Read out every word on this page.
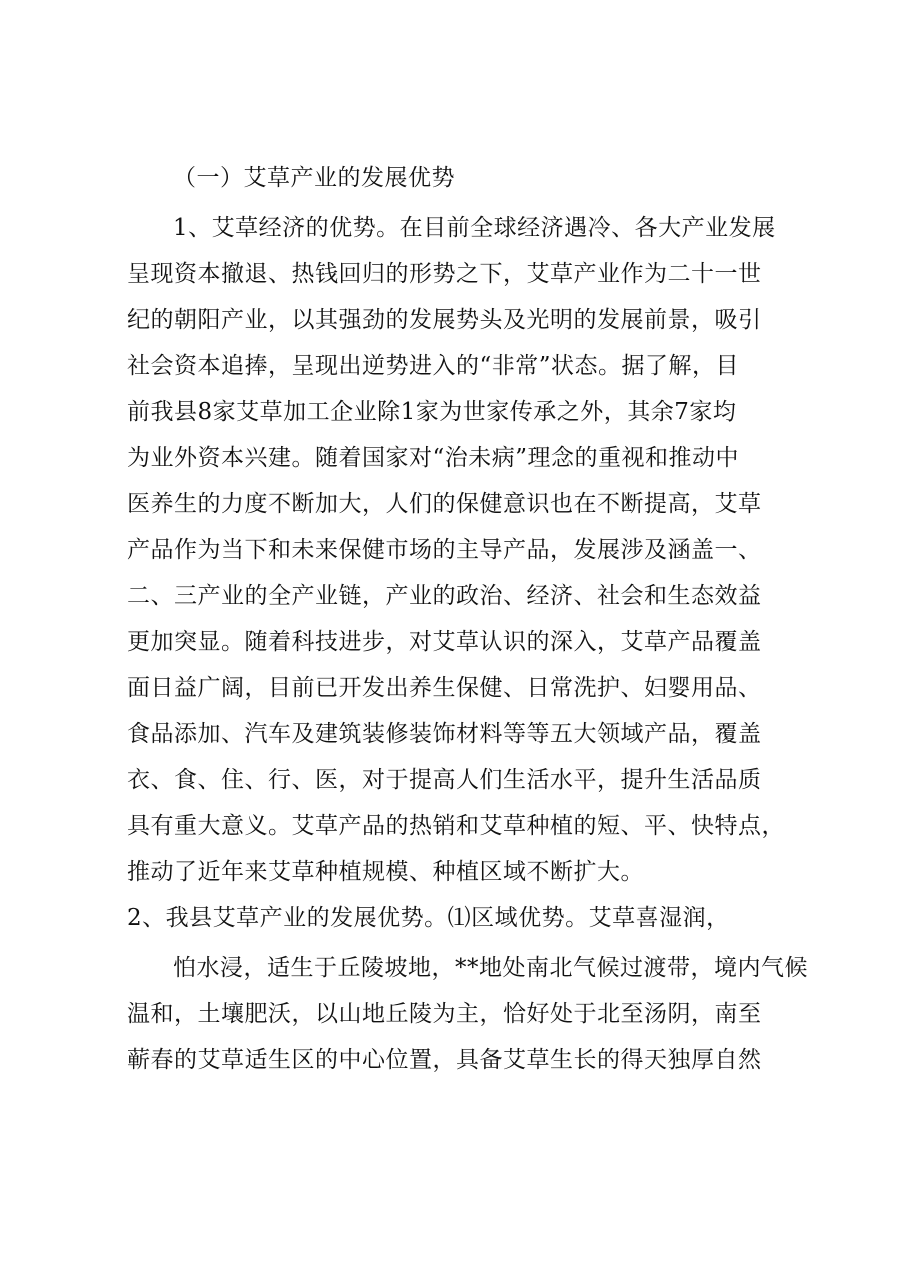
（一）艾草产业的发展优势
1、艾草经济的优势。在目前全球经济遇冷、各大产业发展
呈现资本撤退、热钱回归的形势之下，艾草产业作为二十一世
纪的朝阳产业，以其强劲的发展势头及光明的发展前景，吸引
社会资本追捧，呈现出逆势进入的“非常”状态。据了解，目
前我县8家艾草加工企业除1家为世家传承之外，其余7家均
为业外资本兴建。随着国家对“治未病”理念的重视和推动中
医养生的力度不断加大，人们的保健意识也在不断提高，艾草
产品作为当下和未来保健市场的主导产品，发展涉及涵盖一、
二、三产业的全产业链，产业的政治、经济、社会和生态效益
更加突显。随着科技进步，对艾草认识的深入，艾草产品覆盖
面日益广阔，目前已开发出养生保健、日常洗护、妇婴用品、
食品添加、汽车及建筑装修装饰材料等等五大领域产品，覆盖
衣、食、住、行、医，对于提高人们生活水平，提升生活品质
具有重大意义。艾草产品的热销和艾草种植的短、平、快特点，
推动了近年来艾草种植规模、种植区域不断扩大。
2、我县艾草产业的发展优势。⑴区域优势。艾草喜湿润，
怕水浸，适生于丘陵坡地，**地处南北气候过渡带，境内气候
温和，土壤肥沃，以山地丘陵为主，恰好处于北至汤阴，南至
蕲春的艾草适生区的中心位置，具备艾草生长的得天独厚自然
